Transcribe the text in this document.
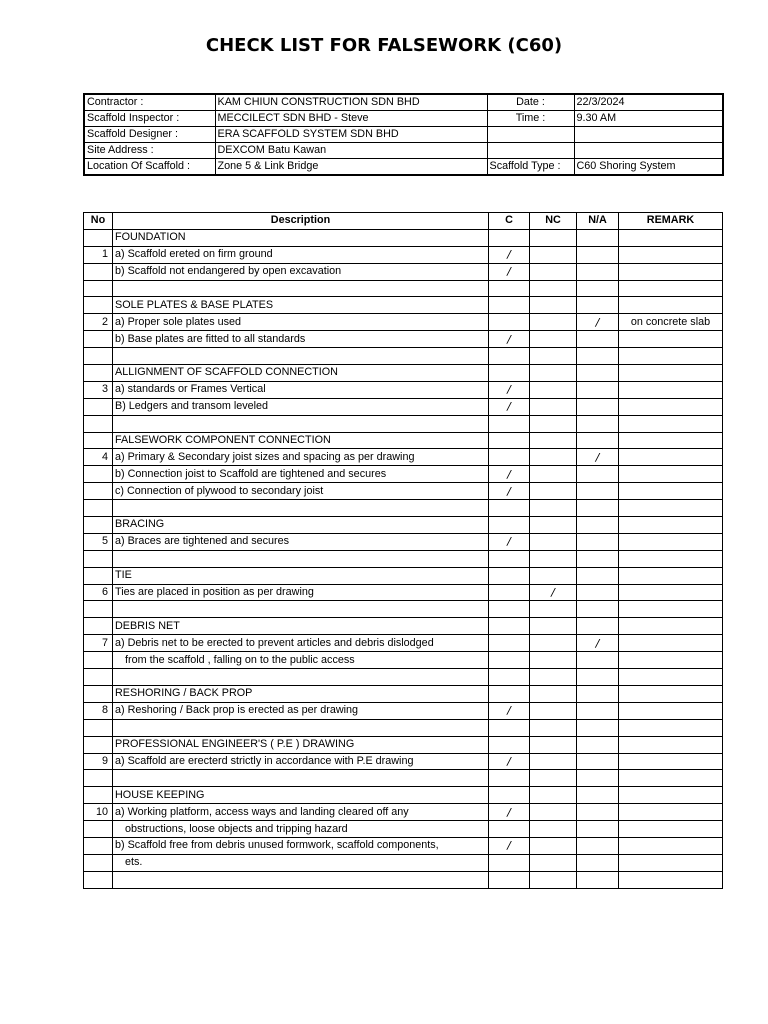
CHECK LIST FOR FALSEWORK (C60)
Contractor :	KAM CHIUN CONSTRUCTION SDN BHD	Date :	22/3/2024
Scaffold Inspector :	MECCILECT SDN BHD - Steve	Time :	9.30 AM
Scaffold Designer :	ERA SCAFFOLD SYSTEM SDN BHD		
Site Address :	DEXCOM Batu Kawan		
Location Of Scaffold :	Zone 5 & Link Bridge	Scaffold Type :	C60 Shoring System
No	Description	C	NC	N/A	REMARK
	FOUNDATION				
1	a) Scaffold ereted on firm ground	/			
	b) Scaffold not endangered by open excavation	/			

	SOLE PLATES & BASE PLATES				
2	a) Proper sole plates used			/	on concrete slab
	b) Base plates are fitted to all standards	/			

	ALLIGNMENT OF SCAFFOLD CONNECTION				
3	a) standards or Frames Vertical	/			
	B) Ledgers and transom leveled	/			

	FALSEWORK COMPONENT CONNECTION				
4	a) Primary & Secondary joist sizes and spacing as per drawing			/	
	b) Connection joist to Scaffold are tightened and secures	/			
	c) Connection of plywood to secondary joist	/			

	BRACING				
5	a) Braces are tightened and secures	/			

	TIE				
6	Ties are placed in position as per drawing		/		

	DEBRIS NET				
7	a) Debris net to be erected to prevent articles and debris dislodged			/	
	from the scaffold , falling on to the public access				

	RESHORING / BACK PROP				
8	a) Reshoring / Back prop is erected as per drawing	/			

	PROFESSIONAL ENGINEER'S ( P.E ) DRAWING				
9	a) Scaffold are erecterd strictly in accordance with P.E drawing	/			

	HOUSE KEEPING				
10	a) Working platform, access ways and landing cleared off any	/			
	obstructions, loose objects and tripping hazard				
	b) Scaffold free from debris unused formwork, scaffold components,	/			
	ets.				
